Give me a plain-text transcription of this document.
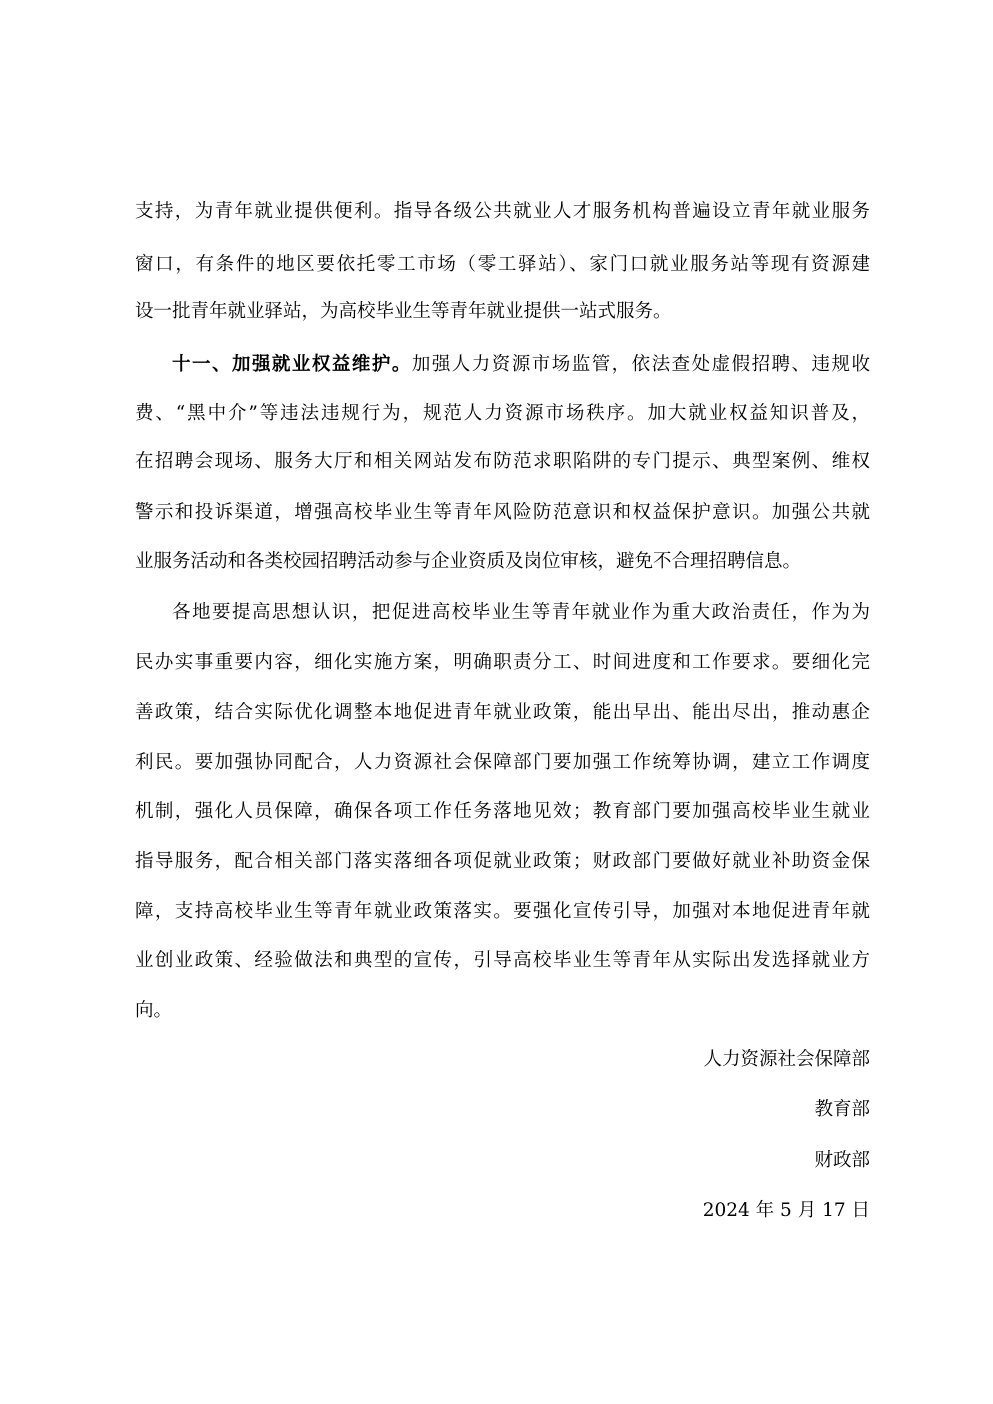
支持，为青年就业提供便利。指导各级公共就业人才服务机构普遍设立青年就业服务

窗口，有条件的地区要依托零工市场（零工驿站）、家门口就业服务站等现有资源建

设一批青年就业驿站，为高校毕业生等青年就业提供一站式服务。

十一、加强就业权益维护。加强人力资源市场监管，依法查处虚假招聘、违规收

费、“黑中介”等违法违规行为，规范人力资源市场秩序。加大就业权益知识普及，

在招聘会现场、服务大厅和相关网站发布防范求职陷阱的专门提示、典型案例、维权

警示和投诉渠道，增强高校毕业生等青年风险防范意识和权益保护意识。加强公共就

业服务活动和各类校园招聘活动参与企业资质及岗位审核，避免不合理招聘信息。

各地要提高思想认识，把促进高校毕业生等青年就业作为重大政治责任，作为为

民办实事重要内容，细化实施方案，明确职责分工、时间进度和工作要求。要细化完

善政策，结合实际优化调整本地促进青年就业政策，能出早出、能出尽出，推动惠企

利民。要加强协同配合，人力资源社会保障部门要加强工作统筹协调，建立工作调度

机制，强化人员保障，确保各项工作任务落地见效；教育部门要加强高校毕业生就业

指导服务，配合相关部门落实落细各项促就业政策；财政部门要做好就业补助资金保

障，支持高校毕业生等青年就业政策落实。要强化宣传引导，加强对本地促进青年就

业创业政策、经验做法和典型的宣传，引导高校毕业生等青年从实际出发选择就业方

向。

人力资源社会保障部

教育部

财政部

2024 年 5 月 17 日
